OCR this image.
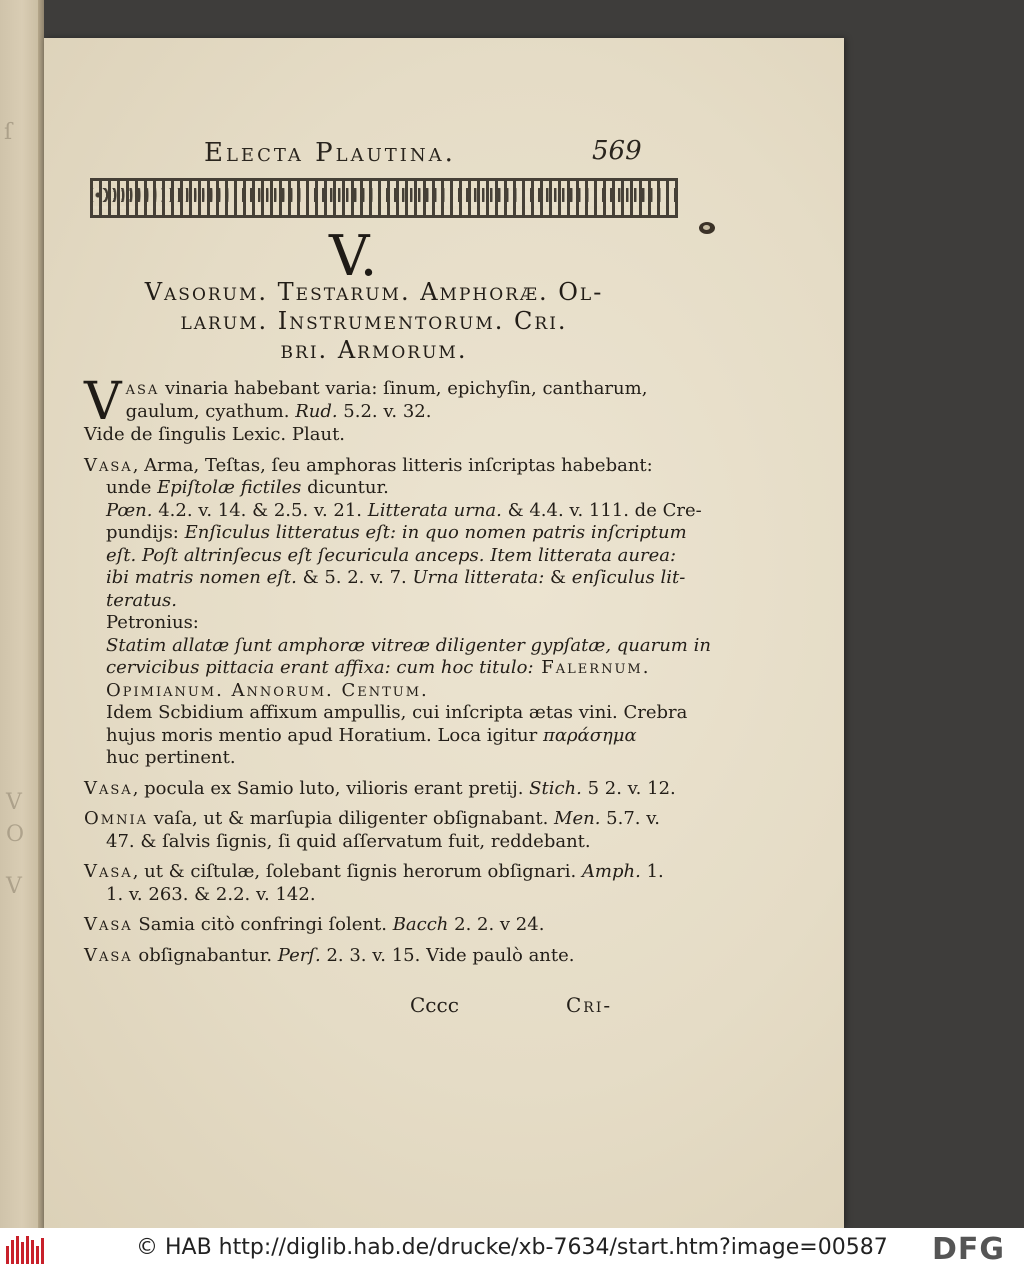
ſ
V
O
V
Electa Plautina.	569
V.
Vasorum. Testarum. Amphoræ. Ol-
larum. Instrumentorum. Cri.
bri. Armorum.
V asa vinaria habebant varia: ſinum, epichyſin, cantharum,
gaulum, cyathum. Rud. 5.2. v. 32.
Vide de ſingulis Lexic. Plaut.
Vasa, Arma, Teſtas, ſeu amphoras litteris inſcriptas habebant:
unde Epiſtolæ fictiles dicuntur.
Pœn. 4.2. v. 14. & 2.5. v. 21. Litterata urna. & 4.4. v. 111. de Cre-
pundijs: Enſiculus litteratus eſt: in quo nomen patris inſcriptum
eſt. Poſt altrinſecus eſt ſecuricula anceps. Item litterata aurea:
ibi matris nomen eſt. & 5. 2. v. 7. Urna litterata: & enſiculus lit-
teratus.
Petronius:
Statim allatæ ſunt amphoræ vitreæ diligenter gypſatæ, quarum in
cervicibus pittacia erant affixa: cum hoc titulo: Falernum.
Opimianum. Annorum. Centum.
Idem Scbidium affixum ampullis, cui inſcripta ætas vini. Crebra
hujus moris mentio apud Horatium. Loca igitur παράσημα
huc pertinent.
Vasa, pocula ex Samio luto, vilioris erant pretij. Stich. 5 2. v. 12.
Omnia vaſa, ut & marſupia diligenter obſignabant. Men. 5.7. v.
47. & ſalvis ſignis, ſi quid aſſervatum fuit, reddebant.
Vasa, ut & ciſtulæ, ſolebant ſignis herorum obſignari. Amph. 1.
1. v. 263. & 2.2. v. 142.
Vasa Samia citò confringi ſolent. Bacch 2. 2. v 24.
Vasa obſignabantur. Perſ. 2. 3. v. 15. Vide paulò ante.
Cccc	Cri-
© HAB http://diglib.hab.de/drucke/xb-7634/start.htm?image=00587 DFG
